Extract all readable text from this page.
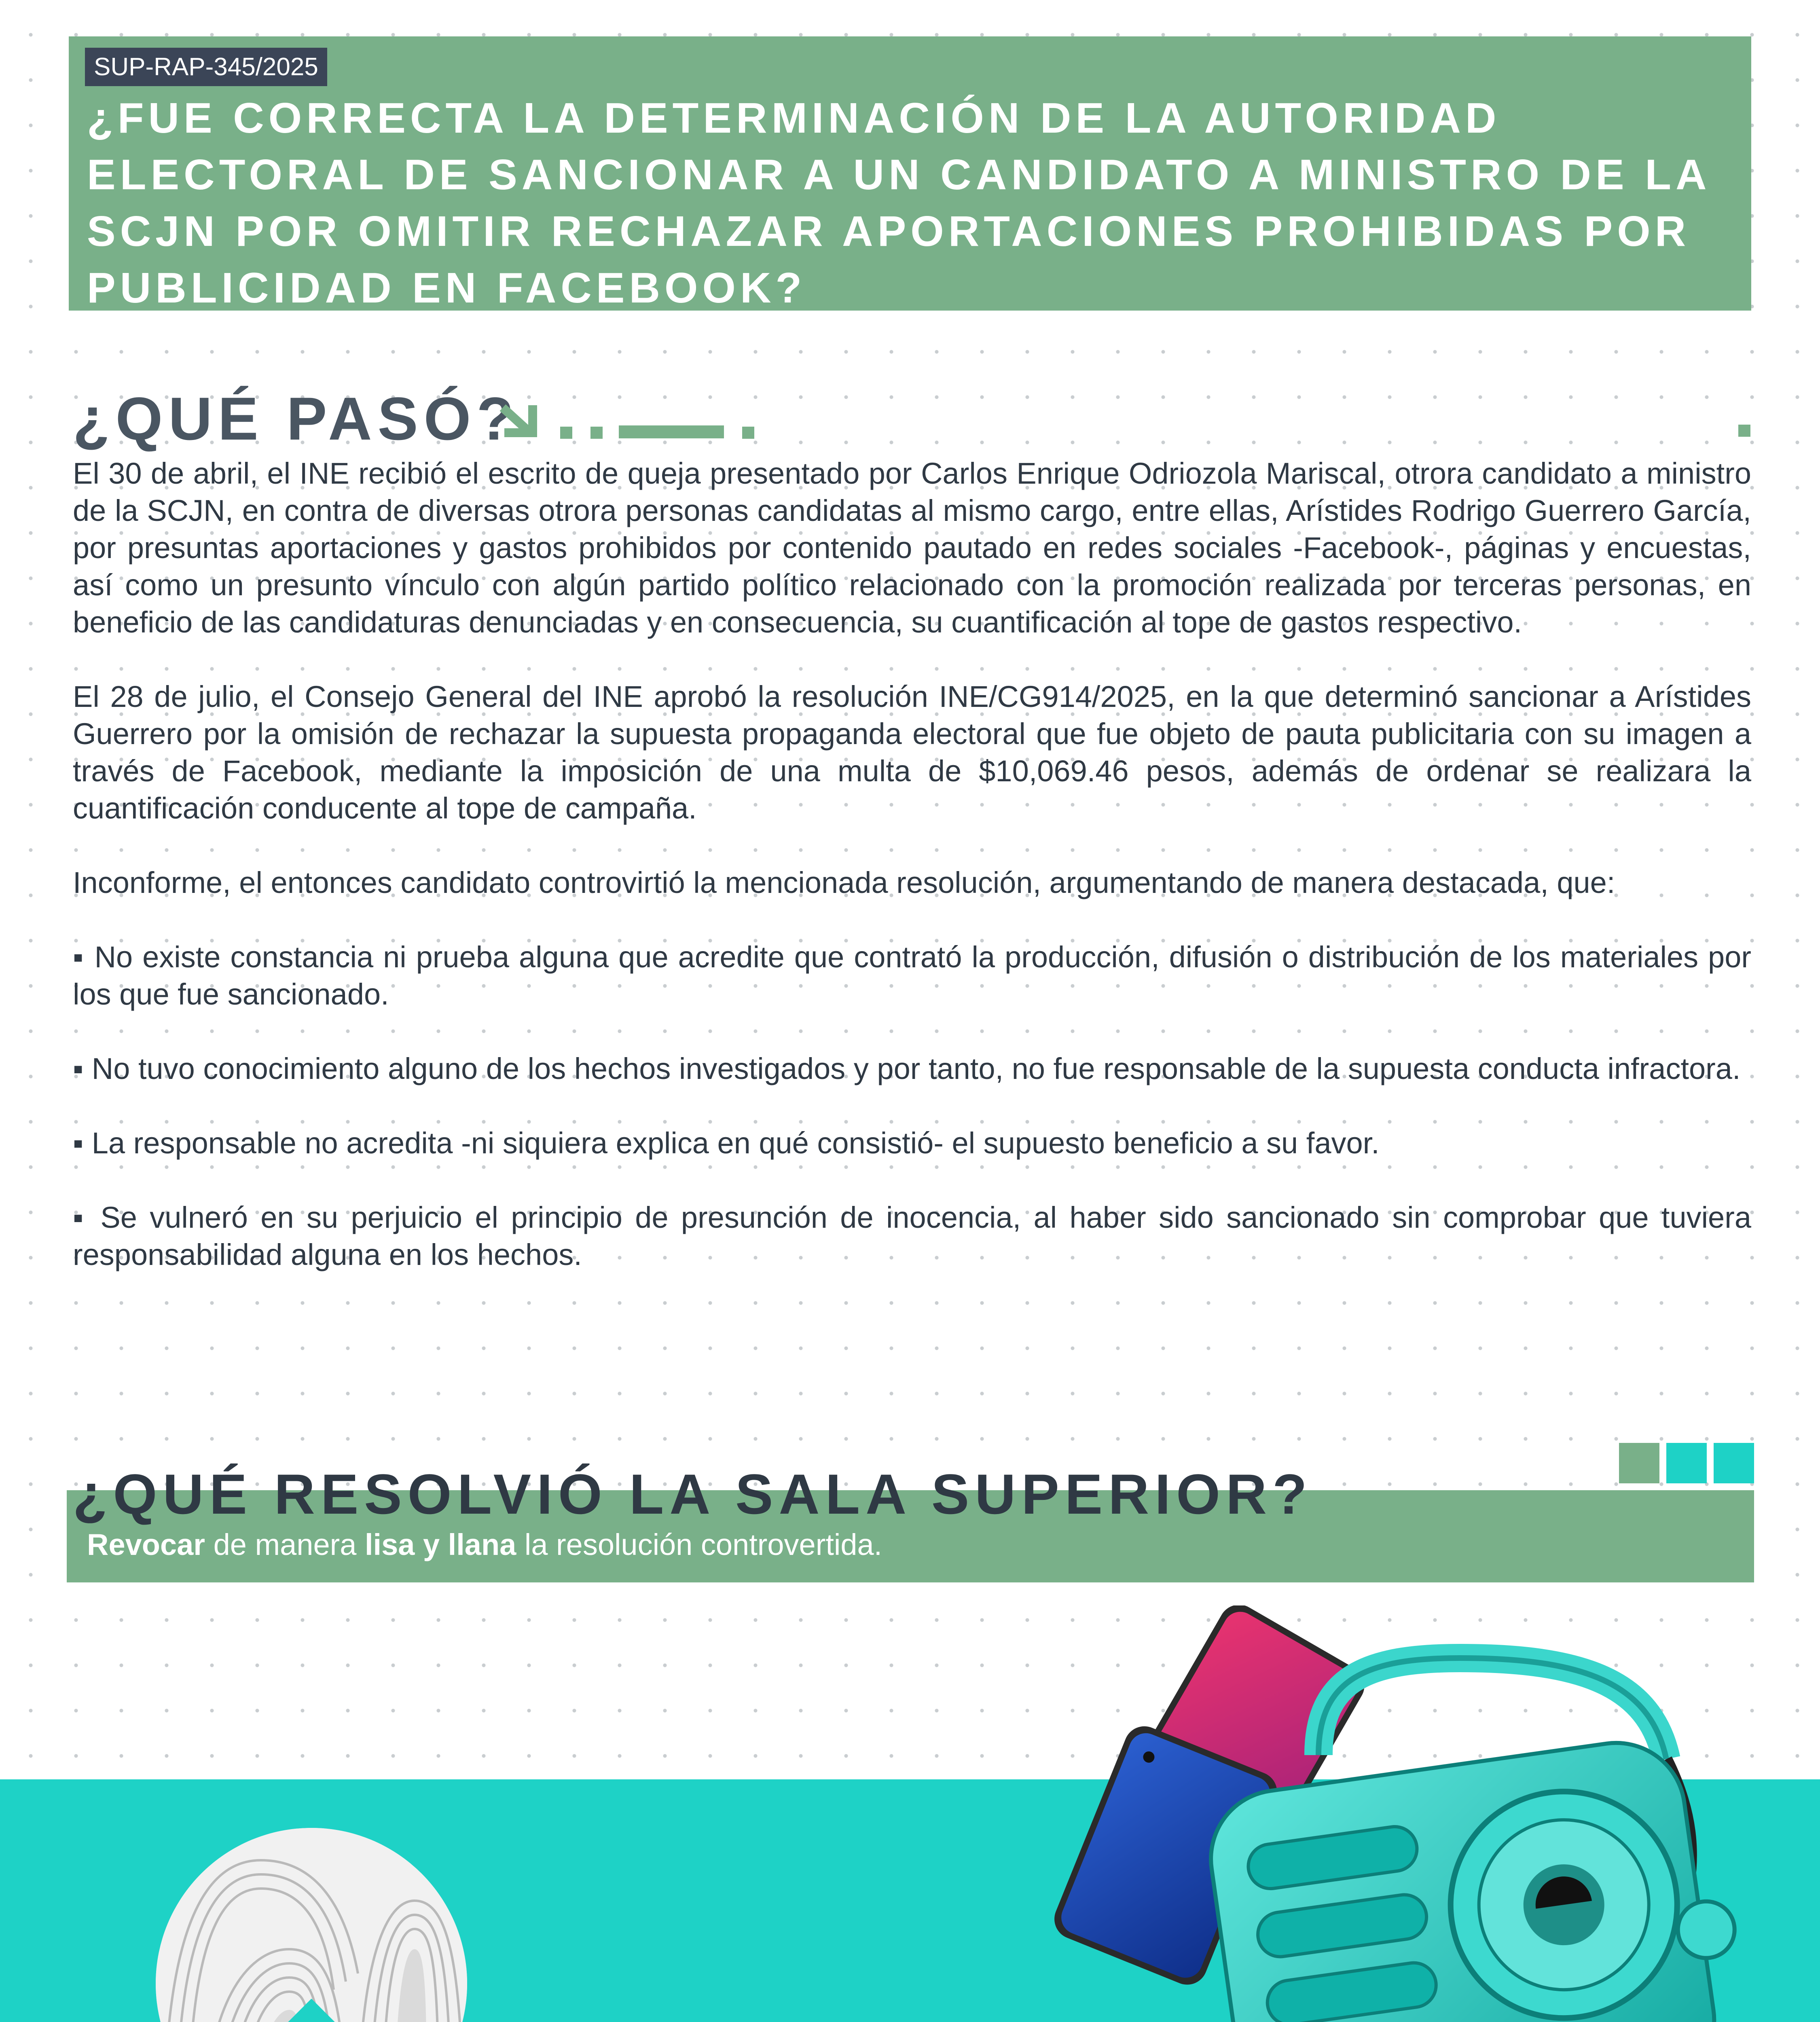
SUP-RAP-345/2025
¿FUE CORRECTA LA DETERMINACIÓN DE LA AUTORIDAD ELECTORAL DE SANCIONAR A UN CANDIDATO A MINISTRO DE LA SCJN POR OMITIR RECHAZAR APORTACIONES PROHIBIDAS POR PUBLICIDAD EN FACEBOOK?
¿QUÉ PASÓ?

El 30 de abril, el INE recibió el escrito de queja presentado por Carlos Enrique Odriozola Mariscal, otrora candidato a ministro de la SCJN, en contra de diversas otrora personas candidatas al mismo cargo, entre ellas, Arístides Rodrigo Guerrero García, por presuntas aportaciones y gastos prohibidos por contenido pautado en redes sociales -Facebook-, páginas y encuestas, así como un presunto vínculo con algún partido político relacionado con la promoción realizada por terceras personas, en beneficio de las candidaturas denunciadas y en consecuencia, su cuantificación al tope de gastos respectivo.

El 28 de julio, el Consejo General del INE aprobó la resolución INE/CG914/2025, en la que determinó sancionar a Arístides Guerrero por la omisión de rechazar la supuesta propaganda electoral que fue objeto de pauta publicitaria con su imagen a través de Facebook, mediante la imposición de una multa de $10,069.46 pesos, además de ordenar se realizara la cuantificación conducente al tope de campaña.

Inconforme, el entonces candidato controvirtió la mencionada resolución, argumentando de manera destacada, que:

▪ No existe constancia ni prueba alguna que acredite que contrató la producción, difusión o distribución de los materiales por los que fue sancionado.

▪ No tuvo conocimiento alguno de los hechos investigados y por tanto, no fue responsable de la supuesta conducta infractora.

▪ La responsable no acredita -ni siquiera explica en qué consistió- el supuesto beneficio a su favor.

▪ Se vulneró en su perjuicio el principio de presunción de inocencia, al haber sido sancionado sin comprobar que tuviera responsabilidad alguna en los hechos.

¿QUÉ RESOLVIÓ LA SALA SUPERIOR?
Revocar de manera lisa y llana la resolución controvertida.
